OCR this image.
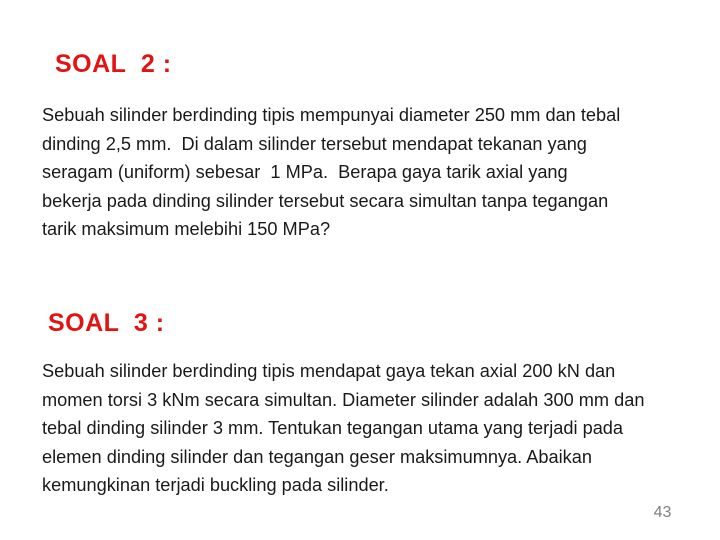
SOAL  2 :
Sebuah silinder berdinding tipis mempunyai diameter 250 mm dan tebal
dinding 2,5 mm.  Di dalam silinder tersebut mendapat tekanan yang
seragam (uniform) sebesar  1 MPa.  Berapa gaya tarik axial yang
bekerja pada dinding silinder tersebut secara simultan tanpa tegangan
tarik maksimum melebihi 150 MPa?
SOAL  3 :
Sebuah silinder berdinding tipis mendapat gaya tekan axial 200 kN dan
momen torsi 3 kNm secara simultan. Diameter silinder adalah 300 mm dan
tebal dinding silinder 3 mm. Tentukan tegangan utama yang terjadi pada
elemen dinding silinder dan tegangan geser maksimumnya. Abaikan
kemungkinan terjadi buckling pada silinder.
43
